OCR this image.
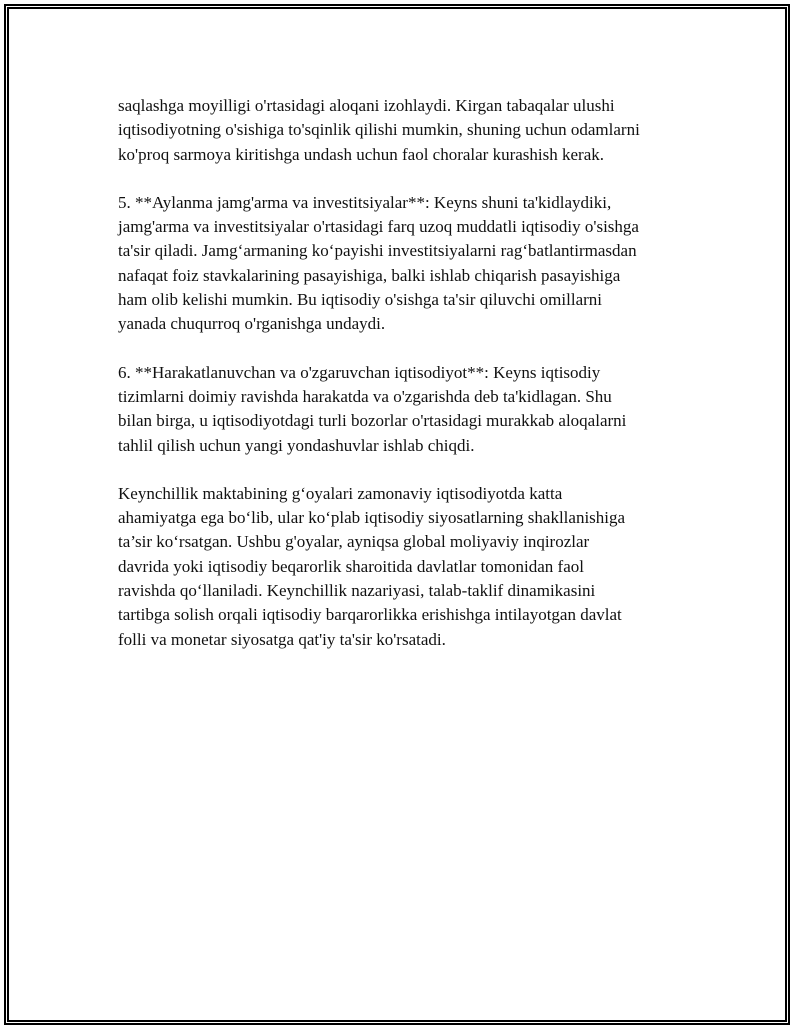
saqlashga moyilligi o'rtasidagi aloqani izohlaydi. Kirgan tabaqalar ulushi
iqtisodiyotning o'sishiga to'sqinlik qilishi mumkin, shuning uchun odamlarni
ko'proq sarmoya kiritishga undash uchun faol choralar kurashish kerak.

5. **Aylanma jamg'arma va investitsiyalar**: Keyns shuni ta'kidlaydiki,
jamg'arma va investitsiyalar o'rtasidagi farq uzoq muddatli iqtisodiy o'sishga
ta'sir qiladi. Jamg‘armaning ko‘payishi investitsiyalarni rag‘batlantirmasdan
nafaqat foiz stavkalarining pasayishiga, balki ishlab chiqarish pasayishiga
ham olib kelishi mumkin. Bu iqtisodiy o'sishga ta'sir qiluvchi omillarni
yanada chuqurroq o'rganishga undaydi.

6. **Harakatlanuvchan va o'zgaruvchan iqtisodiyot**: Keyns iqtisodiy
tizimlarni doimiy ravishda harakatda va o'zgarishda deb ta'kidlagan. Shu
bilan birga, u iqtisodiyotdagi turli bozorlar o'rtasidagi murakkab aloqalarni
tahlil qilish uchun yangi yondashuvlar ishlab chiqdi.

Keynchillik maktabining g‘oyalari zamonaviy iqtisodiyotda katta
ahamiyatga ega bo‘lib, ular ko‘plab iqtisodiy siyosatlarning shakllanishiga
ta’sir ko‘rsatgan. Ushbu g'oyalar, ayniqsa global moliyaviy inqirozlar
davrida yoki iqtisodiy beqarorlik sharoitida davlatlar tomonidan faol
ravishda qo‘llaniladi. Keynchillik nazariyasi, talab-taklif dinamikasini
tartibga solish orqali iqtisodiy barqarorlikka erishishga intilayotgan davlat
folli va monetar siyosatga qat'iy ta'sir ko'rsatadi.
